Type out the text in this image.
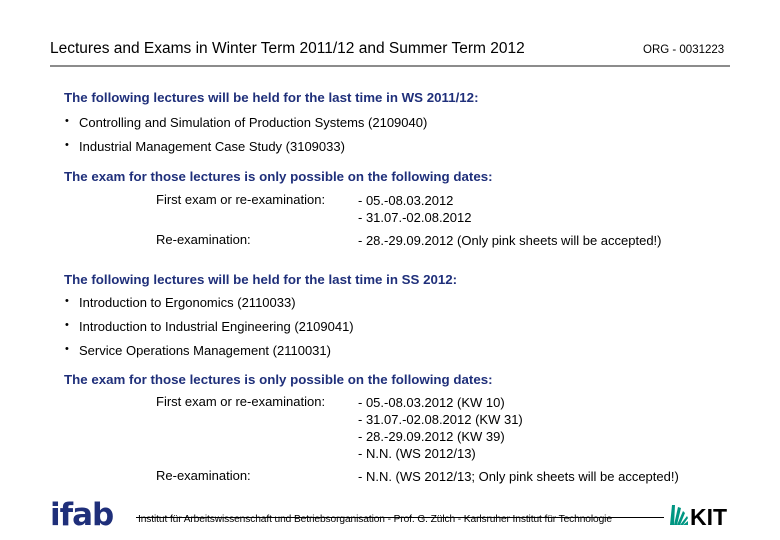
Lectures and Exams in Winter Term 2011/12 and Summer Term 2012	ORG - 0031223
The following lectures will be held for the last time in WS 2011/12:
• Controlling and Simulation of Production Systems (2109040)
• Industrial Management Case Study (3109033)
The exam for those lectures is only possible on the following dates:
First exam or re-examination:	- 05.-08.03.2012
- 31.07.-02.08.2012
Re-examination:	- 28.-29.09.2012 (Only pink sheets will be accepted!)
The following lectures will be held for the last time in SS 2012:
• Introduction to Ergonomics (2110033)
• Introduction to Industrial Engineering (2109041)
• Service Operations Management (2110031)
The exam for those lectures is only possible on the following dates:
First exam or re-examination:	- 05.-08.03.2012 (KW 10)
- 31.07.-02.08.2012 (KW 31)
- 28.-29.09.2012 (KW 39)
- N.N. (WS 2012/13)
Re-examination:	- N.N. (WS 2012/13; Only pink sheets will be accepted!)
ifab Institut für Arbeitswissenschaft und Betriebsorganisation - Prof. G. Zülch - Karlsruher Institut für Technologie	KIT
